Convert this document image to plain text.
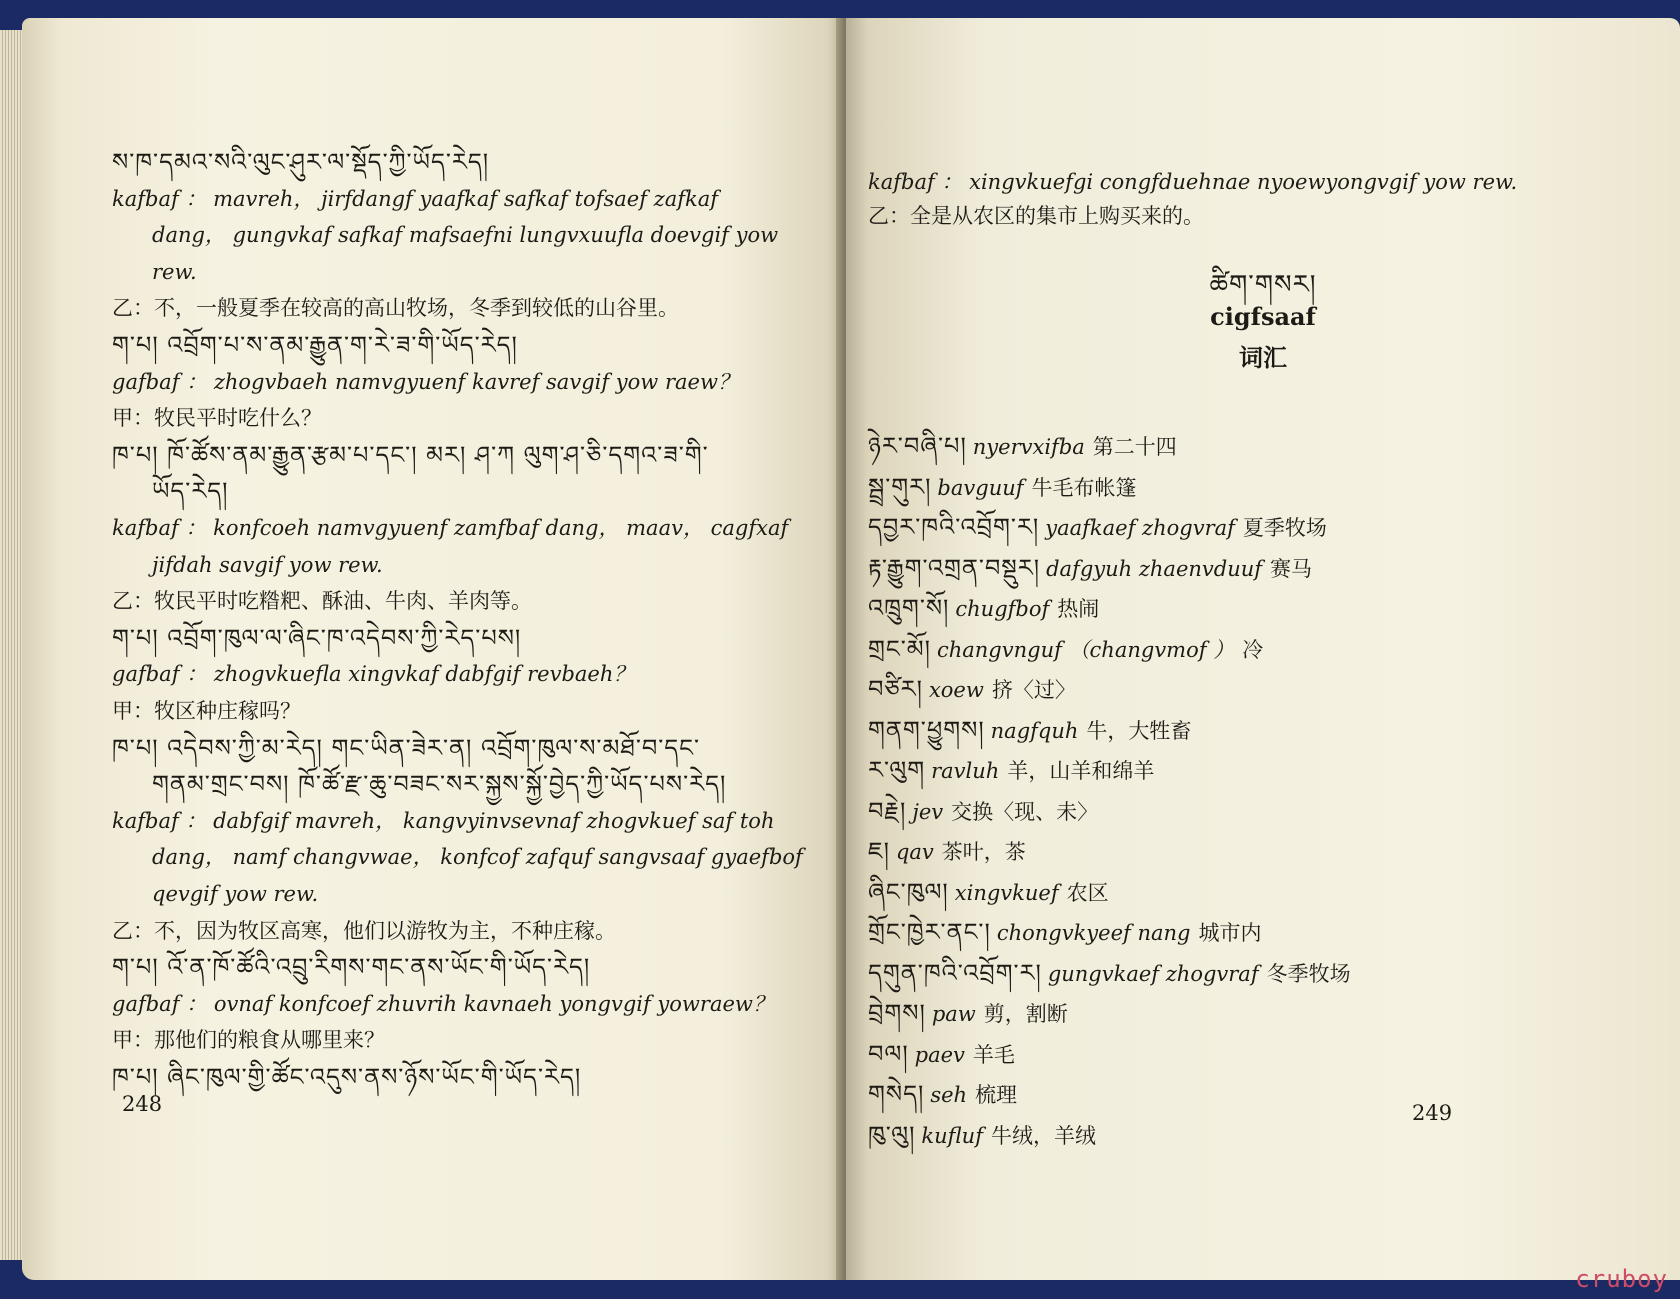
ས་ཁ་དམའ་སའི་ལུང་ཤུར་ལ་སྡོད་ཀྱི་ཡོད་རེད།
kafbaf ： mavreh， jirfdangf yaafkaf safkaf tofsaef zafkaf
dang， gungvkaf safkaf mafsaefni lungvxuufla doevgif yow
rew.
乙：不，一般夏季在较高的高山牧场，冬季到较低的山谷里。
ག་པ། འབྲོག་པ་ས་ནམ་རྒྱུན་ག་རེ་ཟ་གི་ཡོད་རེད།
gafbaf ： zhogvbaeh namvgyuenf kavref savgif yow raew？
甲：牧民平时吃什么？
ཁ་པ། ཁོ་ཚོས་ནམ་རྒྱུན་རྩམ་པ་དང་། མར། ཤ་ཀ ལུག་ཤ་ཅི་དགའ་ཟ་གི་
ཡོད་རེད།
kafbaf ： konfcoeh namvgyuenf zamfbaf dang， maav， cagfxaf
jifdah savgif yow rew.
乙：牧民平时吃糌粑、酥油、牛肉、羊肉等。
ག་པ། འབྲོག་ཁུལ་ལ་ཞིང་ཁ་འདེབས་ཀྱི་རེད་པས།
gafbaf ： zhogvkuefla xingvkaf dabfgif revbaeh？
甲：牧区种庄稼吗？
ཁ་པ། འདེབས་ཀྱི་མ་རེད། གང་ཡིན་ཟེར་ན། འབྲོག་ཁུལ་ས་མཐོ་བ་དང་
གནམ་གྲང་བས། ཁོ་ཚོ་རྫ་ཆུ་བཟང་སར་སྐྱས་སྐྱོ་བྱེད་ཀྱི་ཡོད་པས་རེད།
kafbaf ： dabfgif mavreh， kangvyinvsevnaf zhogvkuef saf toh
dang， namf changvwae， konfcof zafquf sangvsaaf gyaefbof
qevgif yow rew.
乙：不，因为牧区高寒，他们以游牧为主，不种庄稼。
ག་པ། འོ་ན་ཁོ་ཚོའི་འབྲུ་རིགས་གང་ནས་ཡོང་གི་ཡོད་རེད།
gafbaf ： ovnaf konfcoef zhuvrih kavnaeh yongvgif yowraew？
甲：那他们的粮食从哪里来？
ཁ་པ། ཞིང་ཁུལ་གྱི་ཚོང་འདུས་ནས་ཉོས་ཡོང་གི་ཡོད་རེད།
248
kafbaf ： xingvkuefgi congfduehnae nyoewyongvgif yow rew.
乙：全是从农区的集市上购买来的。
ཚིག་གསར།
cigfsaaf
词汇
ཉེར་བཞི་པ། nyervxifba 第二十四
སྦྲ་གུར། bavguuf 牛毛布帐篷
དབྱར་ཁའི་འབྲོག་ར། yaafkaef zhogvraf 夏季牧场
རྟ་རྒྱུག་འགྲན་བསྡུར། dafgyuh zhaenvduuf 赛马
འཁྲུག་སོ། chugfbof 热闹
གྲང་མོ། changvnguf （changvmof ） 冷
བཙིར། xoew 挤〈过〉
གནག་ཕྱུགས། nagfquh 牛，大牲畜
ར་ལུག ravluh 羊，山羊和绵羊
བརྗེ། jev 交换〈现、未〉
ཇ། qav 茶叶，茶
ཞིང་ཁུལ། xingvkuef 农区
གྲོང་ཁྱེར་ནང་། chongvkyeef nang 城市内
དགུན་ཁའི་འབྲོག་ར། gungvkaef zhogvraf 冬季牧场
བྲེགས། paw 剪，割断
བལ། paev 羊毛
གསེད། seh 梳理
ཁུ་ལུ། kufluf 牛绒，羊绒
249
cruboy
